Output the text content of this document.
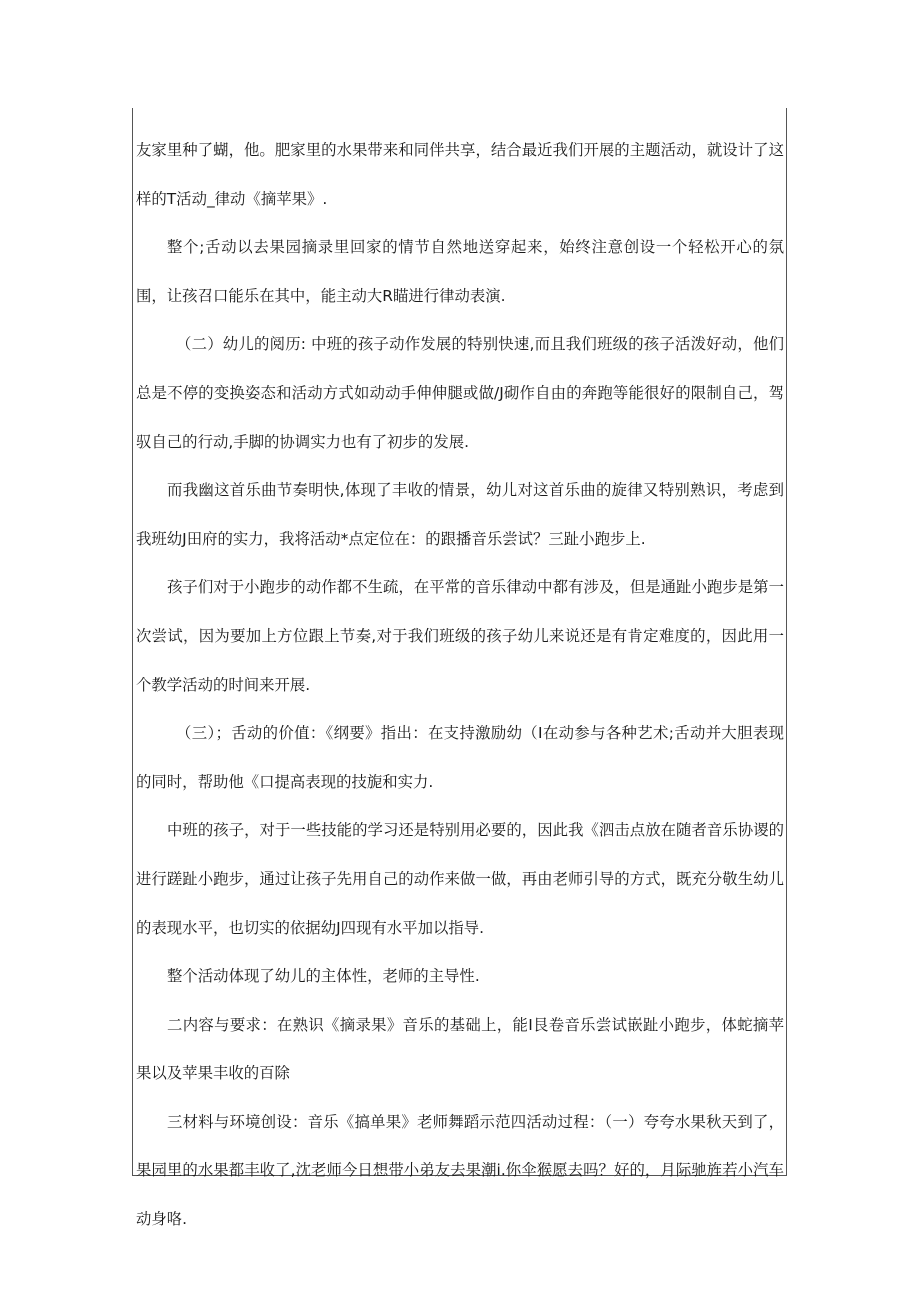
友家里种了蝴，他。肥家里的水果带来和同伴共享，结合最近我们开展的主题活动，就设计了这样的T活动_律动《摘苹果》.

整个;舌动以去果园摘录里回家的情节自然地送穿起来，始终注意创设一个轻松开心的氛围，让孩召口能乐在其中，能主动大R瞄进行律动表演.

（二）幼儿的阅历: 中班的孩子动作发展的特别快速,而且我们班级的孩子活泼好动，他们总是不停的变换姿态和活动方式如动动手伸伸腿或做/J砌作自由的奔跑等能很好的限制自己，驾驭自己的行动,手脚的协调实力也有了初步的发展.

而我幽这首乐曲节奏明快,体现了丰收的情景，幼儿对这首乐曲的旋律又特别熟识，考虑到我班幼J田府的实力，我将活动*点定位在：的跟播音乐尝试？三趾小跑步上.

孩子们对于小跑步的动作都不生疏，在平常的音乐律动中都有涉及，但是通趾小跑步是第一次尝试，因为要加上方位跟上节奏,对于我们班级的孩子幼儿来说还是有肯定难度的，因此用一个教学活动的时间来开展.

（三）；舌动的价值：《纲要》指出：在支持激励幼（I在动参与各种艺术;舌动并大胆表现的同时，帮助他《口提高表现的技旎和实力.

中班的孩子，对于一些技能的学习还是特别用必要的，因此我《泗击点放在随者音乐协谡的进行蹉趾小跑步，通过让孩子先用自己的动作来做一做，再由老师引导的方式，既充分敬生幼儿的表现水平，也切实的依据幼J四现有水平加以指导.

整个活动体现了幼儿的主体性，老师的主导性.

二内容与要求：在熟识《摘录果》音乐的基础上，能I艮卷音乐尝试嵌趾小跑步，体蛇摘苹果以及苹果丰收的百除

三材料与环境创设：音乐《搞单果》老师舞蹈示范四活动过程：（一）夸夸水果秋天到了，果园里的水果都丰收了,沈老师今日想带小弟友去果潮i.你伞猴愿去吗？好的，月际驰旌若小汽车动身咯.
